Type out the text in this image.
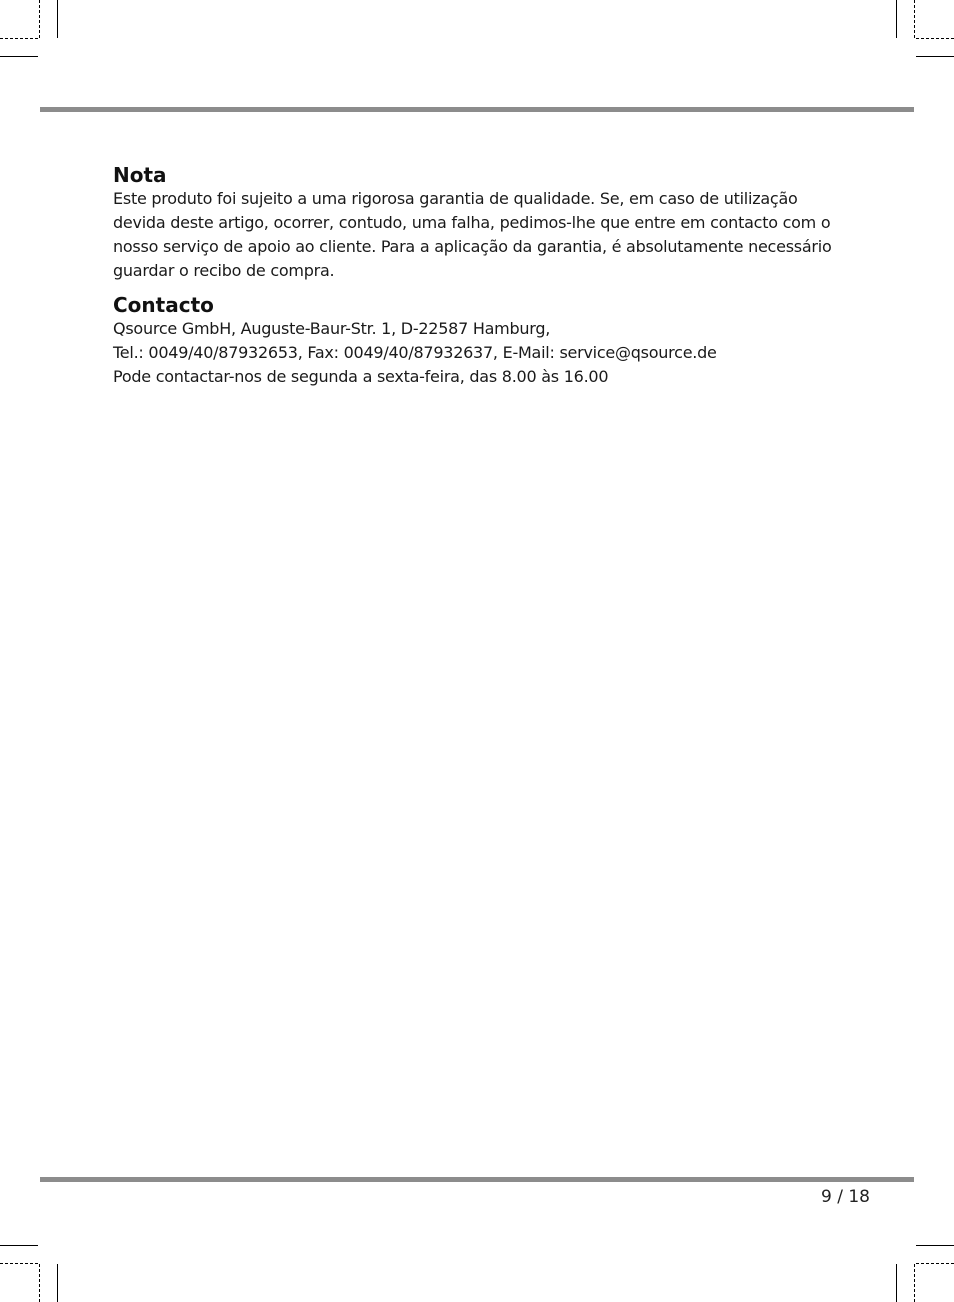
Nota

Este produto foi sujeito a uma rigorosa garantia de qualidade. Se, em caso de utilização

devida deste artigo, ocorrer, contudo, uma falha, pedimos-lhe que entre em contacto com o

nosso serviço de apoio ao cliente. Para a aplicação da garantia, é absolutamente necessário

guardar o recibo de compra.

Contacto

Qsource GmbH, Auguste-Baur-Str. 1, D-22587 Hamburg,

Tel.: 0049/40/87932653, Fax: 0049/40/87932637, E-Mail: service@qsource.de

Pode contactar-nos de segunda a sexta-feira, das 8.00 às 16.00

9 / 18
